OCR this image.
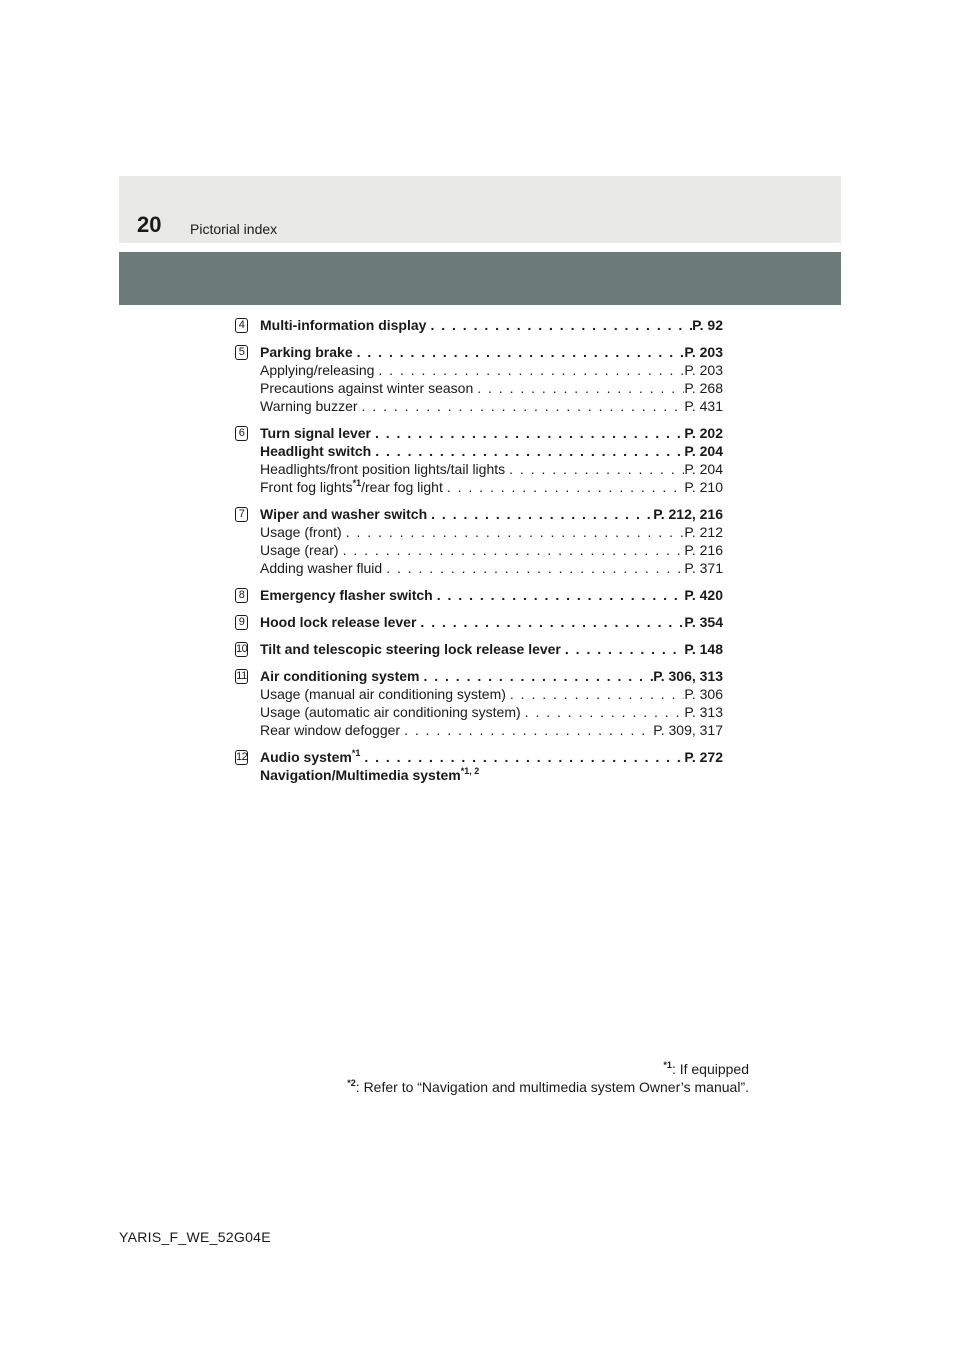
20 Pictorial index
4 Multi-information display . . .	P. 92
5 Parking brake . . .	P. 203
Applying/releasing . . .	P. 203
Precautions against winter season . . .	P. 268
Warning buzzer . . .	P. 431
6 Turn signal lever . . .	P. 202
Headlight switch . . .	P. 204
Headlights/front position lights/tail lights . . .	P. 204
Front fog lights$^{*1}$/rear fog light . . .	P. 210
7 Wiper and washer switch . . .	P. 212, 216
Usage (front) . . .	P. 212
Usage (rear) . . .	P. 216
Adding washer fluid . . .	P. 371
8 Emergency flasher switch . . .	P. 420
9 Hood lock release lever . . .	P. 354
10 Tilt and telescopic steering lock release lever . . .	P. 148
11 Air conditioning system . . .	P. 306, 313
Usage (manual air conditioning system) . . .	P. 306
Usage (automatic air conditioning system) . . .	P. 313
Rear window defogger . . .	P. 309, 317
12 Audio system$^{*1}$ . . .	P. 272
Navigation/Multimedia system$^{*1, 2}$
$^{*1}$: If equipped
$^{*2}$: Refer to “Navigation and multimedia system Owner’s manual”.
YARIS_F_WE_52G04E
